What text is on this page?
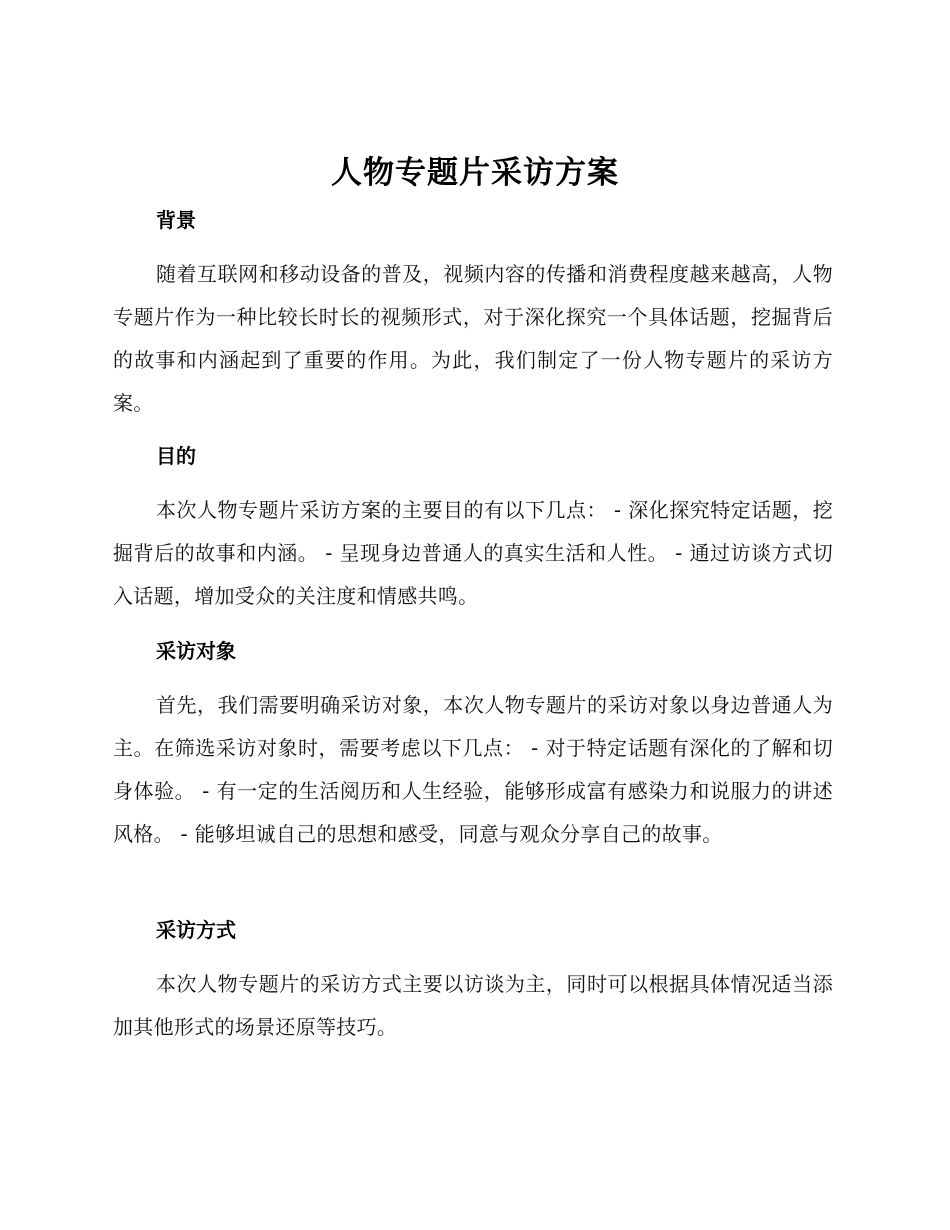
人物专题片采访方案
背景
随着互联网和移动设备的普及，视频内容的传播和消费程度越来越高，人物专题片作为一种比较长时长的视频形式，对于深化探究一个具体话题，挖掘背后的故事和内涵起到了重要的作用。为此，我们制定了一份人物专题片的采访方案。
目的
本次人物专题片采访方案的主要目的有以下几点： - 深化探究特定话题，挖掘背后的故事和内涵。 - 呈现身边普通人的真实生活和人性。 - 通过访谈方式切入话题，增加受众的关注度和情感共鸣。
采访对象
首先，我们需要明确采访对象，本次人物专题片的采访对象以身边普通人为主。在筛选采访对象时，需要考虑以下几点： - 对于特定话题有深化的了解和切身体验。 - 有一定的生活阅历和人生经验，能够形成富有感染力和说服力的讲述风格。 - 能够坦诚自己的思想和感受，同意与观众分享自己的故事。
采访方式
本次人物专题片的采访方式主要以访谈为主，同时可以根据具体情况适当添加其他形式的场景还原等技巧。
